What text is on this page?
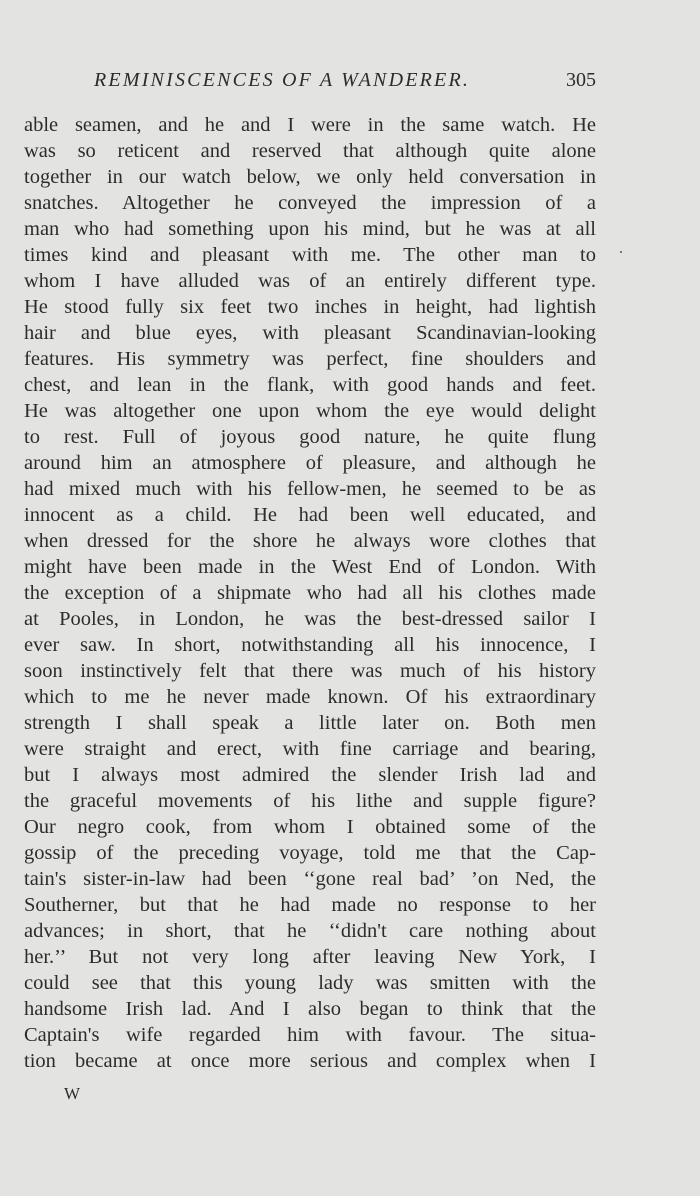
REMINISCENCES OF A WANDERER.	305
able seamen, and he and I were in the same watch. He
was so reticent and reserved that although quite alone
together in our watch below, we only held conversation in
snatches. Altogether he conveyed the impression of a
man who had something upon his mind, but he was at all
times kind and pleasant with me. The other man to
whom I have alluded was of an entirely different type.
He stood fully six feet two inches in height, had lightish
hair and blue eyes, with pleasant Scandinavian-looking
features. His symmetry was perfect, fine shoulders and
chest, and lean in the flank, with good hands and feet.
He was altogether one upon whom the eye would delight
to rest. Full of joyous good nature, he quite flung
around him an atmosphere of pleasure, and although he
had mixed much with his fellow-men, he seemed to be as
innocent as a child. He had been well educated, and
when dressed for the shore he always wore clothes that
might have been made in the West End of London. With
the exception of a shipmate who had all his clothes made
at Pooles, in London, he was the best-dressed sailor I
ever saw. In short, notwithstanding all his innocence, I
soon instinctively felt that there was much of his history
which to me he never made known. Of his extraordinary
strength I shall speak a little later on. Both men
were straight and erect, with fine carriage and bearing,
but I always most admired the slender Irish lad and
the graceful movements of his lithe and supple figure?
Our negro cook, from whom I obtained some of the
gossip of the preceding voyage, told me that the Cap-
tain's sister-in-law had been ‘‘gone real bad’ ’on Ned, the
Southerner, but that he had made no response to her
advances; in short, that he ‘‘didn't care nothing about
her.’’ But not very long after leaving New York, I
could see that this young lady was smitten with the
handsome Irish lad. And I also began to think that the
Captain's wife regarded him with favour. The situa-
tion became at once more serious and complex when I
W
